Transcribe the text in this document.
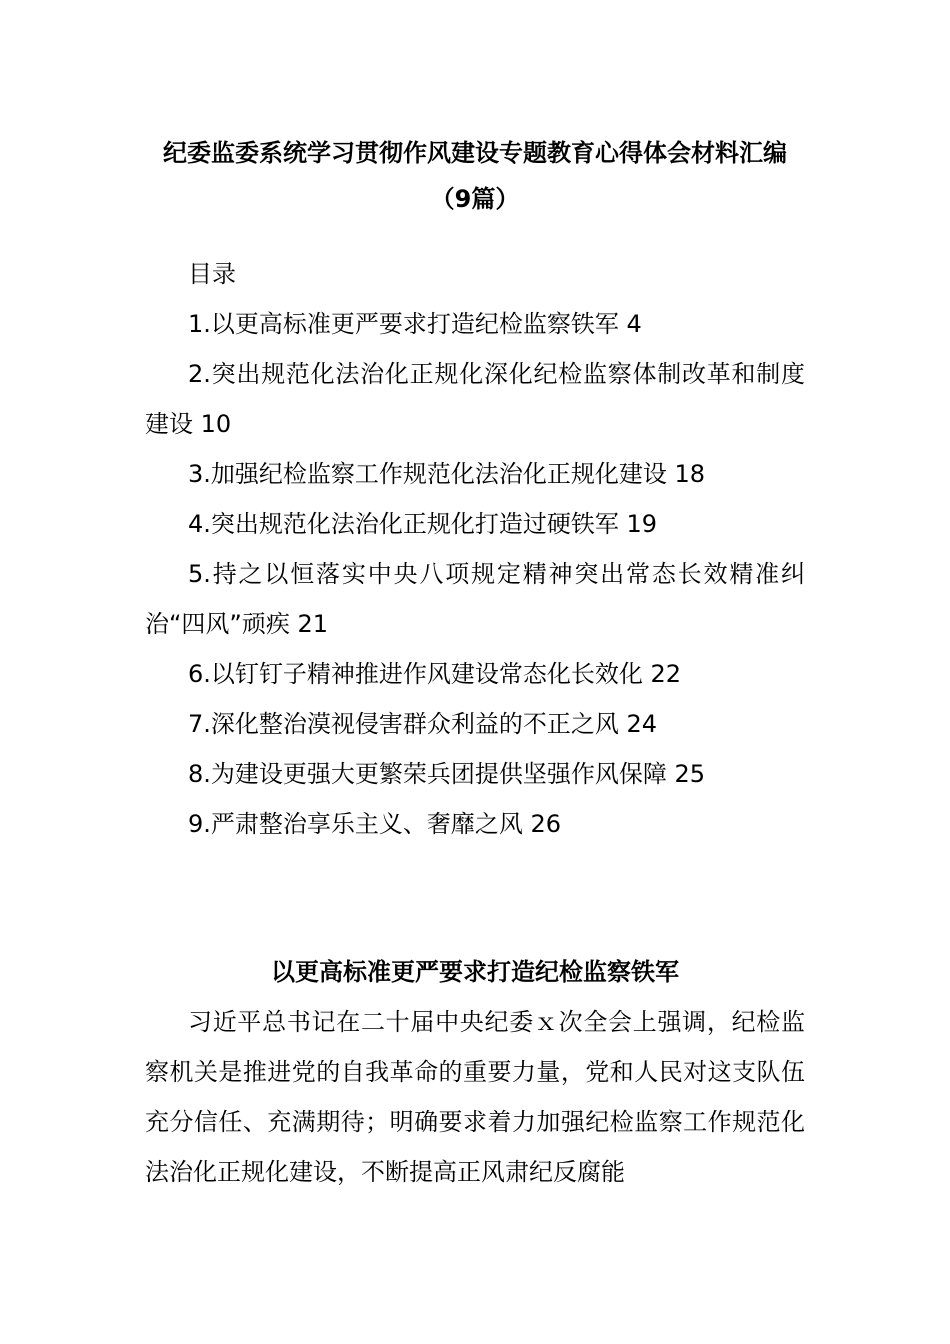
纪委监委系统学习贯彻作风建设专题教育心得体会材料汇编（9篇）

目录

1.以更高标准更严要求打造纪检监察铁军 4

2.突出规范化法治化正规化深化纪检监察体制改革和制度建设 10

3.加强纪检监察工作规范化法治化正规化建设 18

4.突出规范化法治化正规化打造过硬铁军 19

5.持之以恒落实中央八项规定精神突出常态长效精准纠治“四风”顽疾 21

6.以钉钉子精神推进作风建设常态化长效化 22

7.深化整治漠视侵害群众利益的不正之风 24

8.为建设更强大更繁荣兵团提供坚强作风保障 25

9.严肃整治享乐主义、奢靡之风 26

以更高标准更严要求打造纪检监察铁军

习近平总书记在二十届中央纪委ｘ次全会上强调，纪检监察机关是推进党的自我革命的重要力量，党和人民对这支队伍充分信任、充满期待；明确要求着力加强纪检监察工作规范化法治化正规化建设，不断提高正风肃纪反腐能
